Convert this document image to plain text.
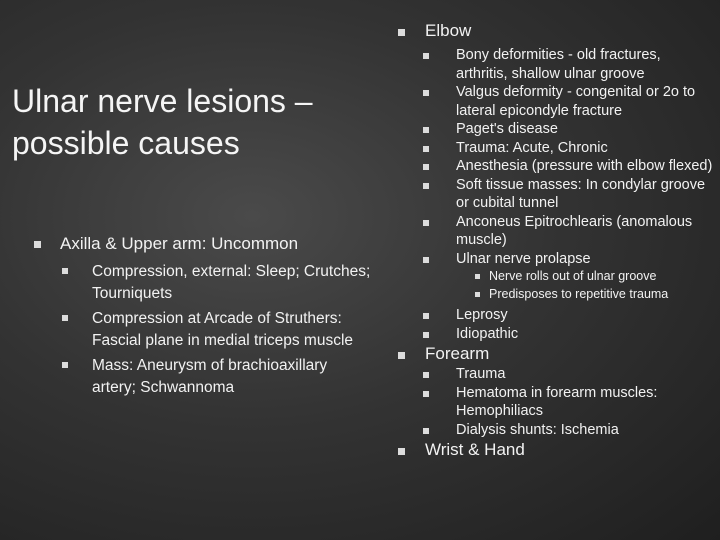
Ulnar nerve lesions – possible causes
Axilla & Upper arm: Uncommon
Compression, external: Sleep; Crutches; Tourniquets
Compression at Arcade of Struthers: Fascial plane in medial triceps muscle
Mass: Aneurysm of brachioaxillary artery; Schwannoma
Elbow
Bony deformities - old fractures, arthritis, shallow ulnar groove
Valgus deformity - congenital or 2o to lateral epicondyle fracture
Paget's disease
Trauma: Acute, Chronic
Anesthesia (pressure with elbow flexed)
Soft tissue masses: In condylar groove or cubital tunnel
Anconeus Epitrochlearis (anomalous muscle)
Ulnar nerve prolapse
Nerve rolls out of ulnar groove
Predisposes to repetitive trauma
Leprosy
Idiopathic
Forearm
Trauma
Hematoma in forearm muscles: Hemophiliacs
Dialysis shunts: Ischemia
Wrist & Hand
